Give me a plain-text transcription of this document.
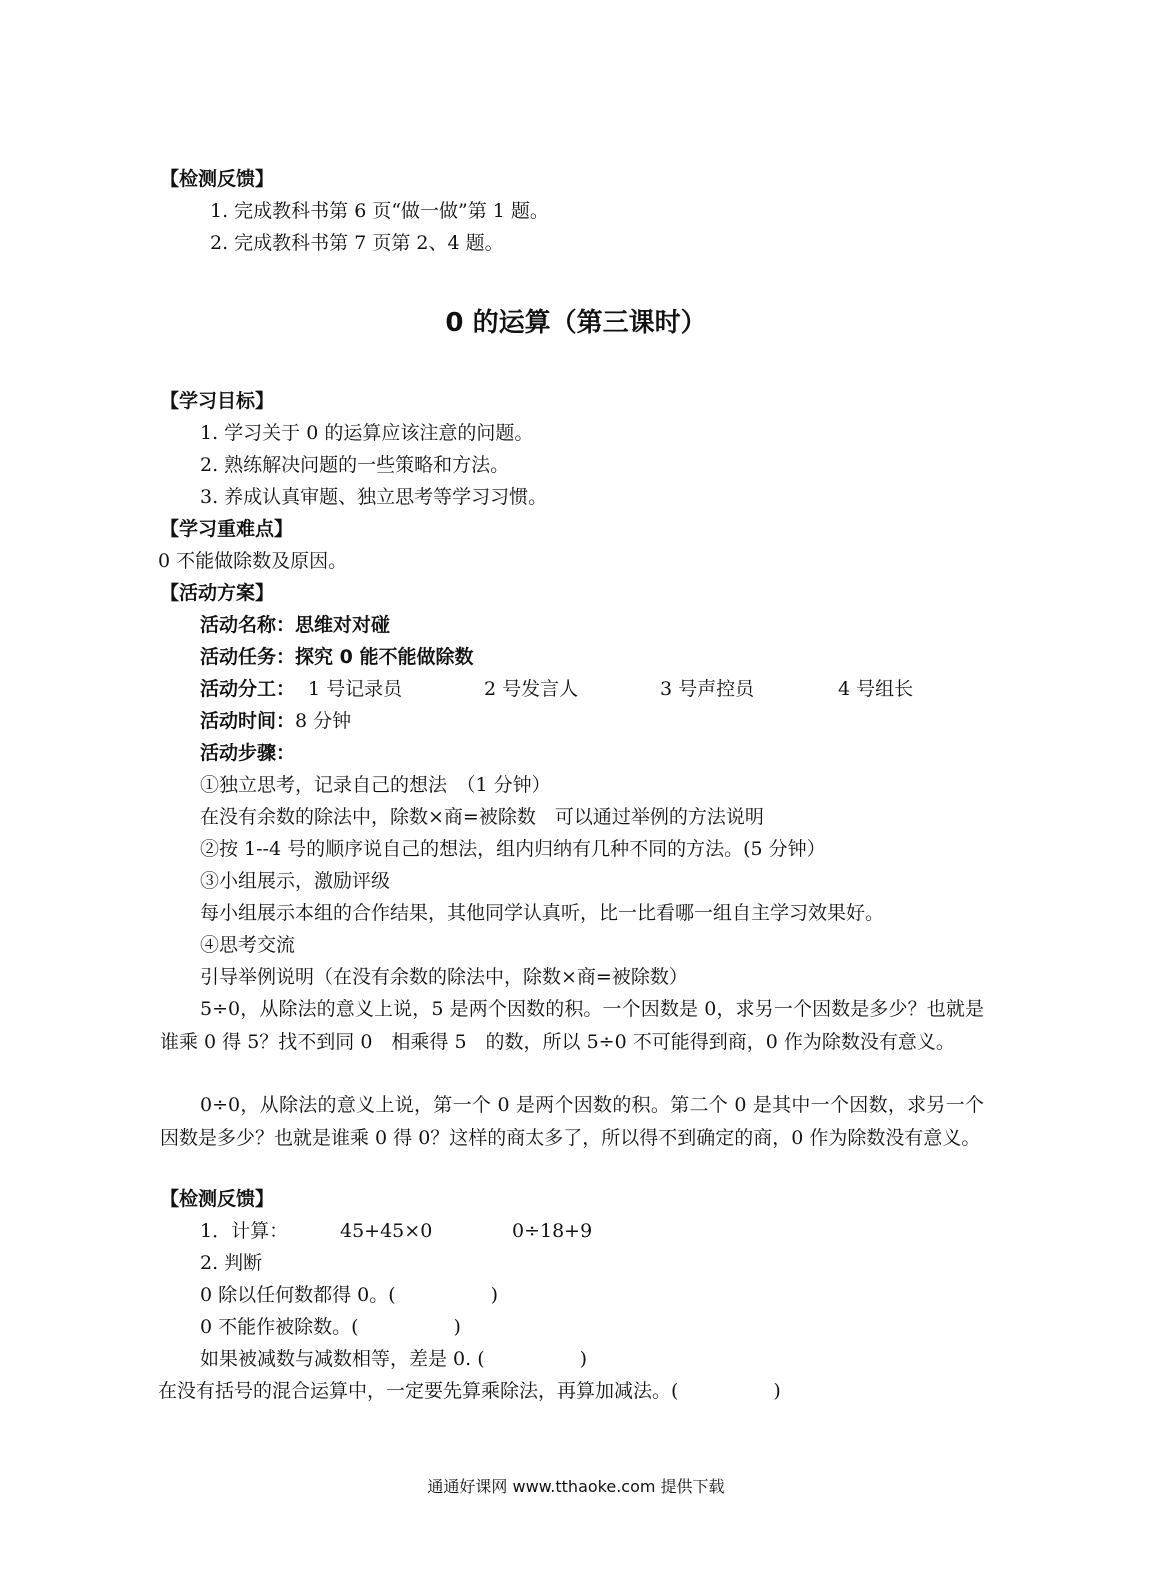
【检测反馈】
1. 完成教科书第 6 页“做一做”第 1 题。
2. 完成教科书第 7 页第 2、4 题。
0 的运算（第三课时）
【学习目标】
1. 学习关于 0 的运算应该注意的问题。
2. 熟练解决问题的一些策略和方法。
3. 养成认真审题、独立思考等学习习惯。
【学习重难点】
0 不能做除数及原因。
【活动方案】
活动名称：思维对对碰
活动任务：探究 0 能不能做除数
活动分工： 1 号记录员	2 号发言人	3 号声控员	4 号组长
活动时间：8 分钟
活动步骤：
①独立思考，记录自己的想法　（1 分钟）
在没有余数的除法中，除数×商=被除数　可以通过举例的方法说明
②按 1--4 号的顺序说自己的想法，组内归纳有几种不同的方法。(5 分钟）
③小组展示，激励评级
每小组展示本组的合作结果，其他同学认真听，比一比看哪一组自主学习效果好。
④思考交流
引导举例说明（在没有余数的除法中，除数×商=被除数）
5÷0，从除法的意义上说，5 是两个因数的积。一个因数是 0，求另一个因数是多少？也就是谁乘 0 得 5？找不到同 0　相乘得 5　的数，所以 5÷0 不可能得到商，0 作为除数没有意义。
0÷0，从除法的意义上说，第一个 0 是两个因数的积。第二个 0 是其中一个因数，求另一个因数是多少？也就是谁乘 0 得 0？这样的商太多了，所以得不到确定的商，0 作为除数没有意义。
【检测反馈】
1．计算：	45+45×0	0÷18+9
2. 判断
0 除以任何数都得 0。(　　　　　)
0 不能作被除数。(　　　　　)
如果被减数与减数相等，差是 0. (　　　　　)
在没有括号的混合运算中，一定要先算乘除法，再算加减法。(　　　　　)
通通好课网 www.tthaoke.com 提供下载
